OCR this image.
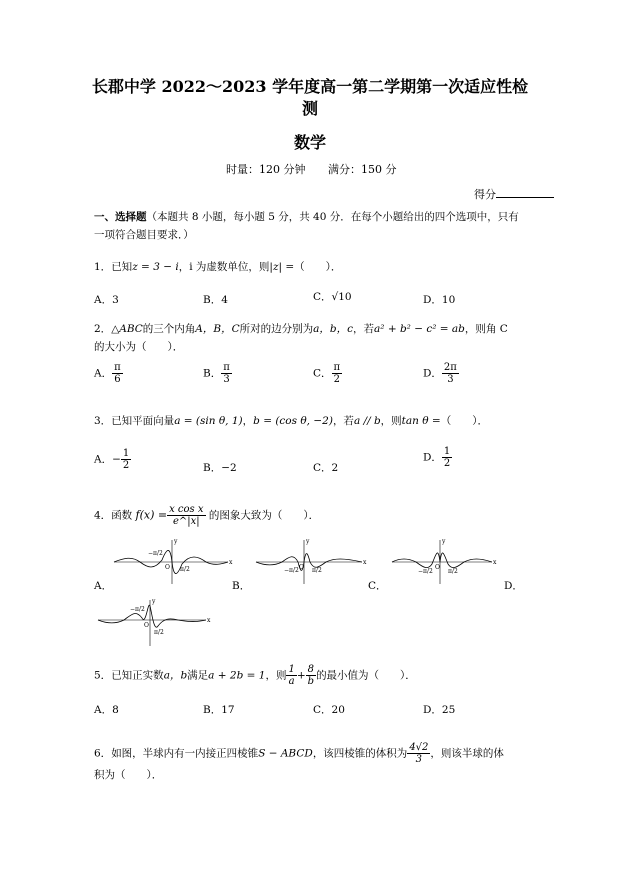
长郡中学 2022～2023 学年度高一第二学期第一次适应性检
测
数学
时量：120 分钟 满分：150 分
得分
一、选择题（本题共 8 小题，每小题 5 分，共 40 分．在每个小题给出的四个选项中，只有
一项符合题目要求．）
1．已知z = 3 − i，i 为虚数单位，则|z| =（　　）．
A．3	B．4	C．√10	D．10
2．△ABC的三个内角A，B，C所对的边分别为a，b，c，若a² + b² − c² = ab，则角 C
的大小为（　　）．
A． $\frac{\pi}{6}$	B． $\frac{\pi}{3}$	C． $\frac{\pi}{2}$	D． $\frac{2\pi}{3}$
3．已知平面向量a = (sin θ, 1)，b = (cos θ, −2)，若a // b，则tan θ =（　　）．
A．− $\frac{1}{2}$	B．−2	C．2
D． $\frac{1}{2}$
4．函数 $f(x) = \frac{\text{x cos x}}{e\^{}|x|}$ 的图象大致为（　　）．
x
y
O
−π/2
π/2
A．
x
y
O
−π/2 π/2
B．
x
y
O
−π/2	π/2
C．	D．
x
y
O
−π/2
π/2
5．已知正实数a，b满足a + 2b = 1，则 $\frac{1}{a} + \frac{8}{b}$ 的最小值为（　　）．
A．8	B．17	C．20	D．25
6．如图，半球内有一内接正四棱锥S − ABCD，该四棱锥的体积为 $\frac{4√2}{3}$ ，则该半球的体
积为（　　）．
